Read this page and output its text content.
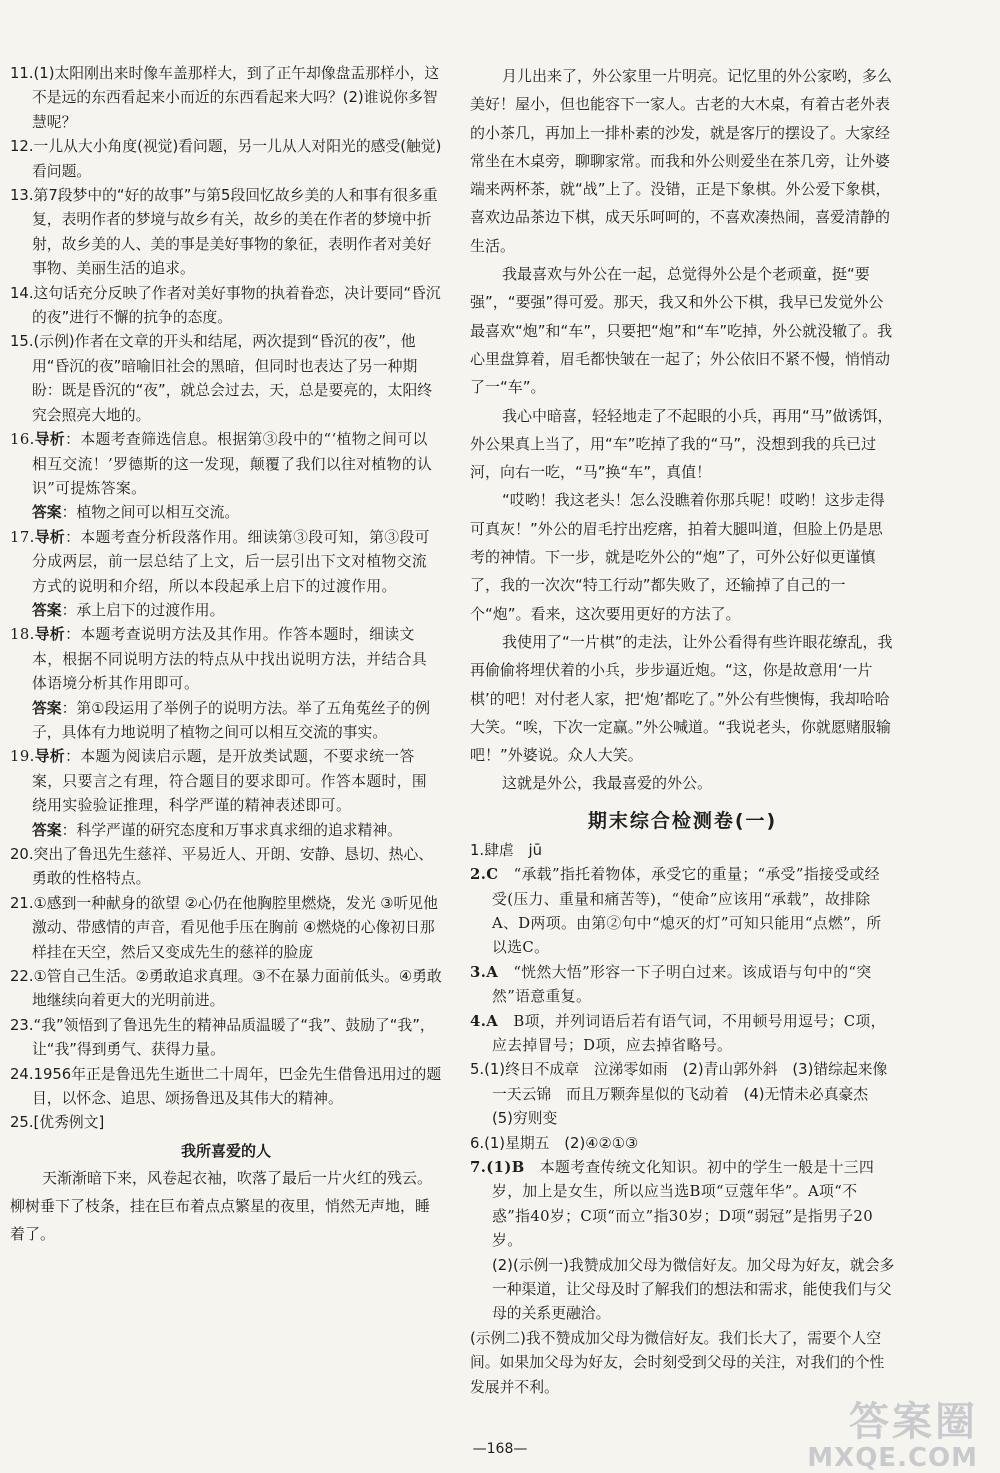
11.(1)太阳刚出来时像车盖那样大，到了正午却像盘盂那样小，这不是远的东西看起来小而近的东西看起来大吗？(2)谁说你多智慧呢？
12.一儿从大小角度(视觉)看问题，另一儿从人对阳光的感受(触觉)看问题。
13.第7段梦中的“好的故事”与第5段回忆故乡美的人和事有很多重复，表明作者的梦境与故乡有关，故乡的美在作者的梦境中折射，故乡美的人、美的事是美好事物的象征，表明作者对美好事物、美丽生活的追求。
14.这句话充分反映了作者对美好事物的执着眷恋，决计要同“昏沉的夜”进行不懈的抗争的态度。
15.(示例)作者在文章的开头和结尾，两次提到“昏沉的夜”，他用“昏沉的夜”暗喻旧社会的黑暗，但同时也表达了另一种期盼：既是昏沉的“夜”，就总会过去，天，总是要亮的，太阳终究会照亮大地的。
16.导析：本题考查筛选信息。根据第③段中的“‘植物之间可以相互交流！’罗德斯的这一发现，颠覆了我们以往对植物的认识”可提炼答案。
答案：植物之间可以相互交流。
17.导析：本题考查分析段落作用。细读第③段可知，第③段可分成两层，前一层总结了上文，后一层引出下文对植物交流方式的说明和介绍，所以本段起承上启下的过渡作用。
答案：承上启下的过渡作用。
18.导析：本题考查说明方法及其作用。作答本题时，细读文本，根据不同说明方法的特点从中找出说明方法，并结合具体语境分析其作用即可。
答案：第①段运用了举例子的说明方法。举了五角菟丝子的例子，具体有力地说明了植物之间可以相互交流的事实。
19.导析：本题为阅读启示题，是开放类试题，不要求统一答案，只要言之有理，符合题目的要求即可。作答本题时，围绕用实验验证推理，科学严谨的精神表述即可。
答案：科学严谨的研究态度和万事求真求细的追求精神。
20.突出了鲁迅先生慈祥、平易近人、开朗、安静、恳切、热心、勇敢的性格特点。
21.①感到一种献身的欲望 ②心仍在他胸腔里燃烧，发光 ③听见他激动、带感情的声音，看见他手压在胸前 ④燃烧的心像初日那样挂在天空，然后又变成先生的慈祥的脸庞
22.①管自己生活。②勇敢追求真理。③不在暴力面前低头。④勇敢地继续向着更大的光明前进。
23.“我”领悟到了鲁迅先生的精神品质温暖了“我”、鼓励了“我”，让“我”得到勇气、获得力量。
24.1956年正是鲁迅先生逝世二十周年，巴金先生借鲁迅用过的题目，以怀念、追思、颂扬鲁迅及其伟大的精神。
25.[优秀例文]
我所喜爱的人

天渐渐暗下来，风卷起衣袖，吹落了最后一片火红的残云。柳树垂下了枝条，挂在巨布着点点繁星的夜里，悄然无声地，睡着了。

月儿出来了，外公家里一片明亮。记忆里的外公家哟，多么美好！屋小，但也能容下一家人。古老的大木桌，有着古老外表的小茶几，再加上一排朴素的沙发，就是客厅的摆设了。大家经常坐在木桌旁，聊聊家常。而我和外公则爱坐在茶几旁，让外婆端来两杯茶，就“战”上了。没错，正是下象棋。外公爱下象棋，喜欢边品茶边下棋，成天乐呵呵的，不喜欢凑热闹，喜爱清静的生活。

我最喜欢与外公在一起，总觉得外公是个老顽童，挺“要强”，“要强”得可爱。那天，我又和外公下棋，我早已发觉外公最喜欢“炮”和“车”，只要把“炮”和“车”吃掉，外公就没辙了。我心里盘算着，眉毛都快皱在一起了；外公依旧不紧不慢，悄悄动了一“车”。

我心中暗喜，轻轻地走了不起眼的小兵，再用“马”做诱饵，外公果真上当了，用“车”吃掉了我的“马”，没想到我的兵已过河，向右一吃，“马”换“车”，真值！

“哎哟！我这老头！怎么没瞧着你那兵呢！哎哟！这步走得可真灰！”外公的眉毛拧出疙瘩，拍着大腿叫道，但脸上仍是思考的神情。下一步，就是吃外公的“炮”了，可外公好似更谨慎了，我的一次次“特工行动”都失败了，还输掉了自己的一个“炮”。看来，这次要用更好的方法了。

我使用了“一片棋”的走法，让外公看得有些许眼花缭乱，我再偷偷将埋伏着的小兵，步步逼近炮。“这，你是故意用‘一片棋’的吧！对付老人家，把‘炮’都吃了。”外公有些懊悔，我却哈哈大笑。“唉，下次一定赢。”外公喊道。“我说老头，你就愿赌服输吧！”外婆说。众人大笑。

这就是外公，我最喜爱的外公。

期末综合检测卷(一)
1.肆虐　jū
2.C　 “承载”指托着物体，承受它的重量；“承受”指接受或经受(压力、重量和痛苦等)，“使命”应该用“承载”，故排除A、D两项。由第②句中“熄灭的灯”可知只能用“点燃”，所以选C。
3.A　 “恍然大悟”形容一下子明白过来。该成语与句中的“突然”语意重复。
4.A　 B项，并列词语后若有语气词，不用顿号用逗号；C项，应去掉冒号；D项，应去掉省略号。
5.(1)终日不成章　泣涕零如雨　(2)青山郭外斜　(3)错综起来像一天云锦　而且万颗奔星似的飞动着　(4)无情未必真豪杰　(5)穷则变
6.(1)星期五　(2)④②①③
7.(1)B　 本题考查传统文化知识。初中的学生一般是十三四岁，加上是女生，所以应当选B项“豆蔻年华”。A项“不惑”指40岁；C项“而立”指30岁；D项“弱冠”是指男子20岁。
(2)(示例一)我赞成加父母为微信好友。加父母为好友，就会多一种渠道，让父母及时了解我们的想法和需求，能使我们与父母的关系更融洽。
(示例二)我不赞成加父母为微信好友。我们长大了，需要个人空间。如果加父母为好友，会时刻受到父母的关注，对我们的个性发展并不利。
—168—
答案圈
MXQE.COM
